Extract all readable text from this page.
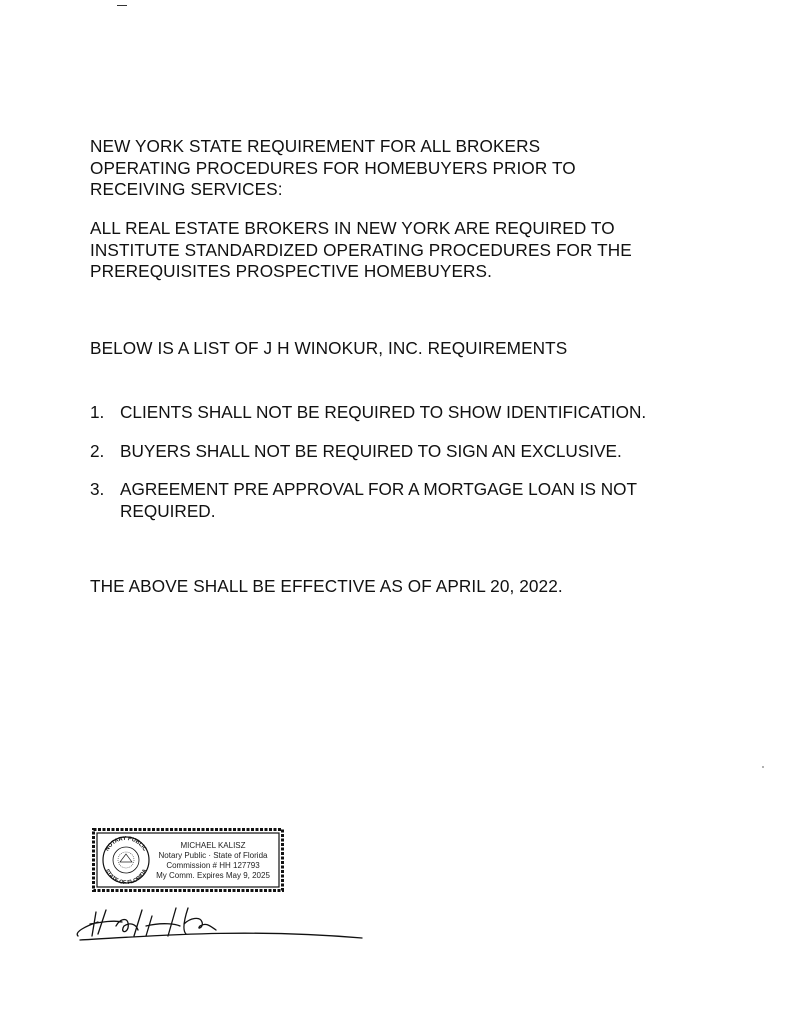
NEW YORK STATE REQUIREMENT FOR ALL BROKERS
OPERATING PROCEDURES FOR HOMEBUYERS PRIOR TO
RECEIVING SERVICES:
ALL REAL ESTATE BROKERS IN NEW YORK ARE REQUIRED TO
INSTITUTE STANDARDIZED OPERATING PROCEDURES FOR THE
PREREQUISITES PROSPECTIVE HOMEBUYERS.
BELOW IS A LIST OF J H WINOKUR, INC. REQUIREMENTS
1. CLIENTS SHALL NOT BE REQUIRED TO SHOW IDENTIFICATION.
2. BUYERS SHALL NOT BE REQUIRED TO SIGN AN EXCLUSIVE.
3. AGREEMENT PRE APPROVAL FOR A MORTGAGE LOAN IS NOT REQUIRED.
THE ABOVE SHALL BE EFFECTIVE AS OF APRIL 20, 2022.
NOTARY PUBLIC
STATE OF FLORIDA
MICHAEL KALISZ
Notary Public · State of Florida
Commission # HH 127793
My Comm. Expires May 9, 2025
